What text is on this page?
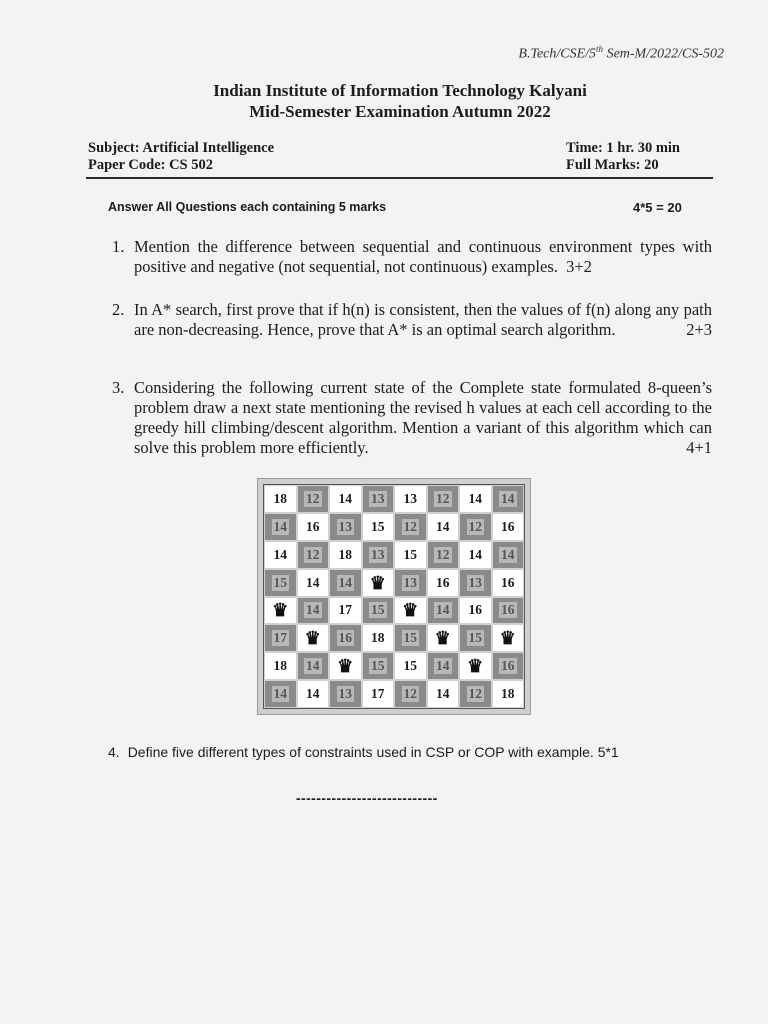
B.Tech/CSE/5th Sem-M/2022/CS-502
Indian Institute of Information Technology Kalyani
Mid-Semester Examination Autumn 2022
Subject: Artificial Intelligence
Paper Code: CS 502
Time: 1 hr. 30 min
Full Marks: 20
Answer All Questions each containing 5 marks	4*5 = 20
1. Mention the difference between sequential and continuous environment types with positive and negative (not sequential, not continuous) examples. 3+2
2. In A* search, first prove that if h(n) is consistent, then the values of f(n) along any path are non-decreasing. Hence, prove that A* is an optimal search algorithm.	2+3
3. Considering the following current state of the Complete state formulated 8-queen’s problem draw a next state mentioning the revised h values at each cell according to the greedy hill climbing/descent algorithm. Mention a variant of this algorithm which can solve this problem more efficiently.	4+1
18 12 14 13 13 12 14 14
14 16 13 15 12 14 12 16
14 12 18 13 15 12 14 14
15 14 14 ♛ 13 16 13 16
♛ 14 17 15 ♛ 14 16 16
17 ♛ 16 18 15 ♛ 15 ♛
18 14 ♛ 15 15 14 ♛ 16
14 14 13 17 12 14 12 18
4. Define five different types of constraints used in CSP or COP with example. 5*1
----------------------------
